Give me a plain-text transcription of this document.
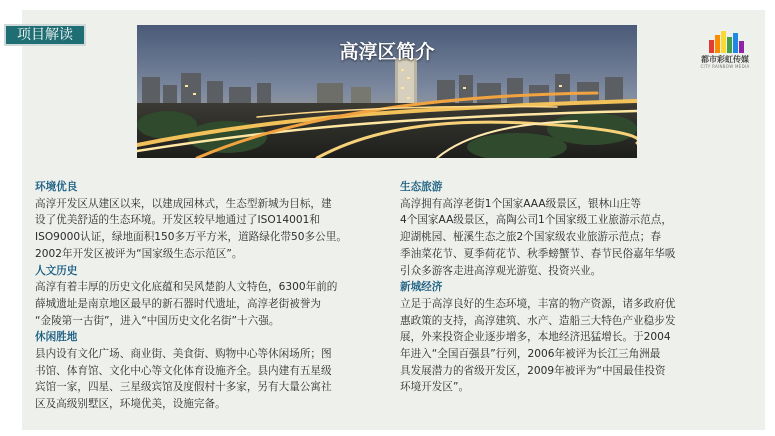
项目解读
高淳区简介	都市彩虹传媒
CITY RAINBOW MEDIA
环境优良
高淳开发区从建区以来，以建成园林式，生态型新城为目标，建
设了优美舒适的生态环境。开发区较早地通过了ISO14001和
ISO9000认证，绿地面积150多万平方米，道路绿化带50多公里。
2002年开发区被评为“国家级生态示范区”。
人文历史
高淳有着丰厚的历史文化底蕴和吴风楚韵人文特色，6300年前的
薛城遗址是南京地区最早的新石器时代遗址，高淳老街被誉为
“金陵第一古街”，进入“中国历史文化名街”十六强。
休闲胜地
县内设有文化广场、商业街、美食街、购物中心等休闲场所；图
书馆、体育馆、文化中心等文化体育设施齐全。县内建有五星级
宾馆一家，四星、三星级宾馆及度假村十多家，另有大量公寓社
区及高级别墅区，环境优美，设施完备。
生态旅游
高淳拥有高淳老街1个国家AAA级景区，银林山庄等
4个国家AA级景区，高陶公司1个国家级工业旅游示范点，
迎湖桃园、桠溪生态之旅2个国家级农业旅游示范点；春
季油菜花节、夏季荷花节、秋季螃蟹节、春节民俗嘉年华吸
引众多游客走进高淳观光游览、投资兴业。
新城经济
立足于高淳良好的生态环境，丰富的物产资源，诸多政府优
惠政策的支持，高淳建筑、水产、造船三大特色产业稳步发
展，外来投资企业逐步增多，本地经济迅猛增长。于2004
年进入“全国百强县”行列，2006年被评为长江三角洲最
具发展潜力的省级开发区，2009年被评为“中国最佳投资
环境开发区”。
